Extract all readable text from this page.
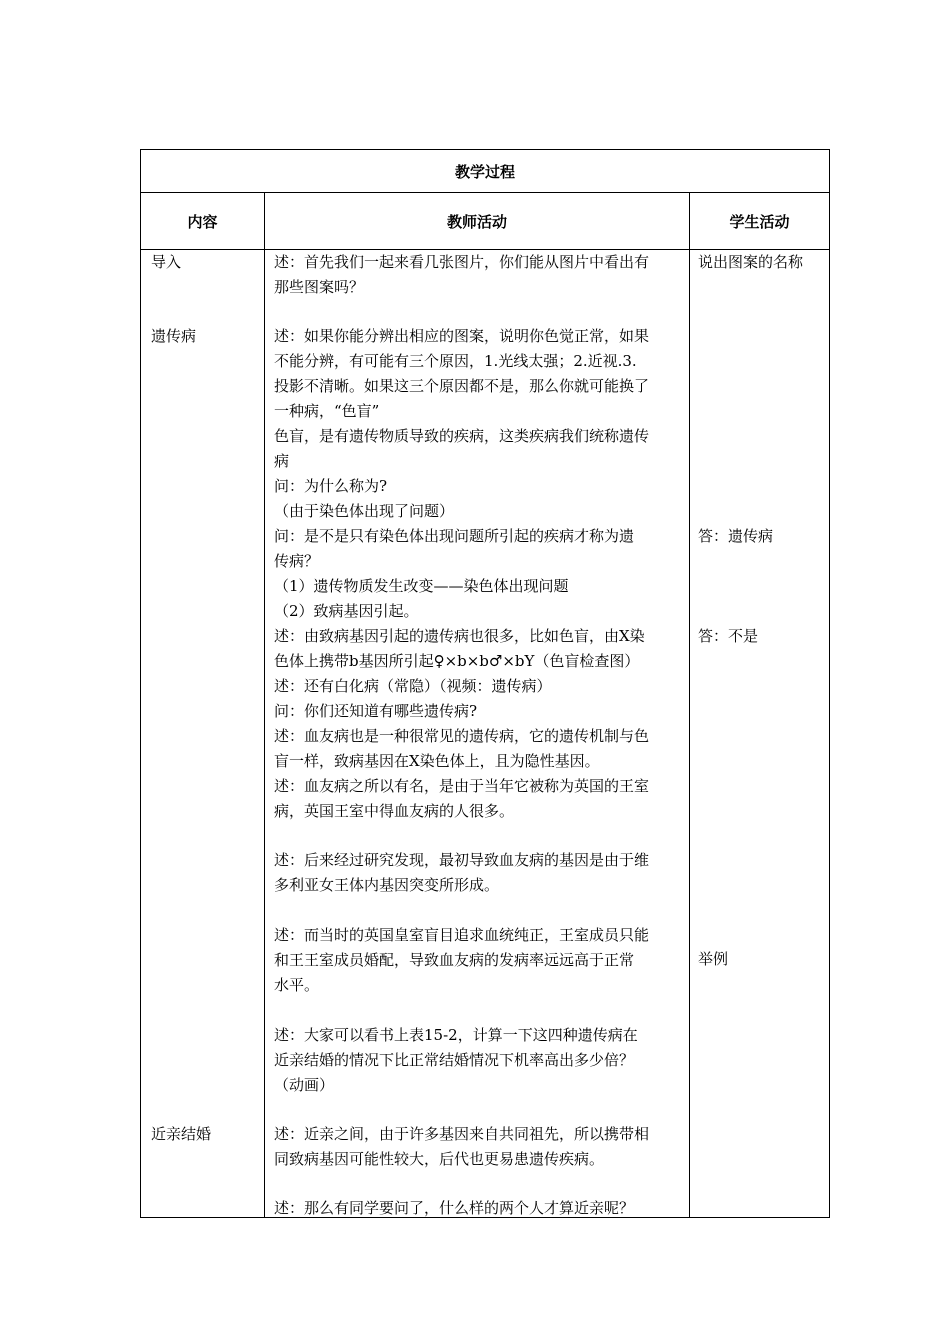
教学过程
内容	教师活动	学生活动
导入
遗传病
近亲结婚
述：首先我们一起来看几张图片，你们能从图片中看出有
那些图案吗？
述：如果你能分辨出相应的图案，说明你色觉正常，如果
不能分辨，有可能有三个原因，1.光线太强；2.近视.3.
投影不清晰。如果这三个原因都不是，那么你就可能换了
一种病，“色盲”
色盲，是有遗传物质导致的疾病，这类疾病我们统称遗传
病
问：为什么称为?
（由于染色体出现了问题）
问：是不是只有染色体出现问题所引起的疾病才称为遗
传病？
（1）遗传物质发生改变——染色体出现问题
（2）致病基因引起。
述：由致病基因引起的遗传病也很多，比如色盲，由X染
色体上携带b基因所引起♀×b×b♂×bY（色盲检查图）
述：还有白化病（常隐）（视频：遗传病）
问：你们还知道有哪些遗传病?
述：血友病也是一种很常见的遗传病，它的遗传机制与色
盲一样，致病基因在X染色体上，且为隐性基因。
述：血友病之所以有名，是由于当年它被称为英国的王室
病，英国王室中得血友病的人很多。
述：后来经过研究发现，最初导致血友病的基因是由于维
多利亚女王体内基因突变所形成。
述：而当时的英国皇室盲目追求血统纯正，王室成员只能
和王王室成员婚配，导致血友病的发病率远远高于正常
水平。
述：大家可以看书上表15-2，计算一下这四种遗传病在
近亲结婚的情况下比正常结婚情况下机率高出多少倍？
（动画）
述：近亲之间，由于许多基因来自共同祖先，所以携带相
同致病基因可能性较大，后代也更易患遗传疾病。
述：那么有同学要问了，什么样的两个人才算近亲呢？
说出图案的名称
答：遗传病
答：不是
举例
